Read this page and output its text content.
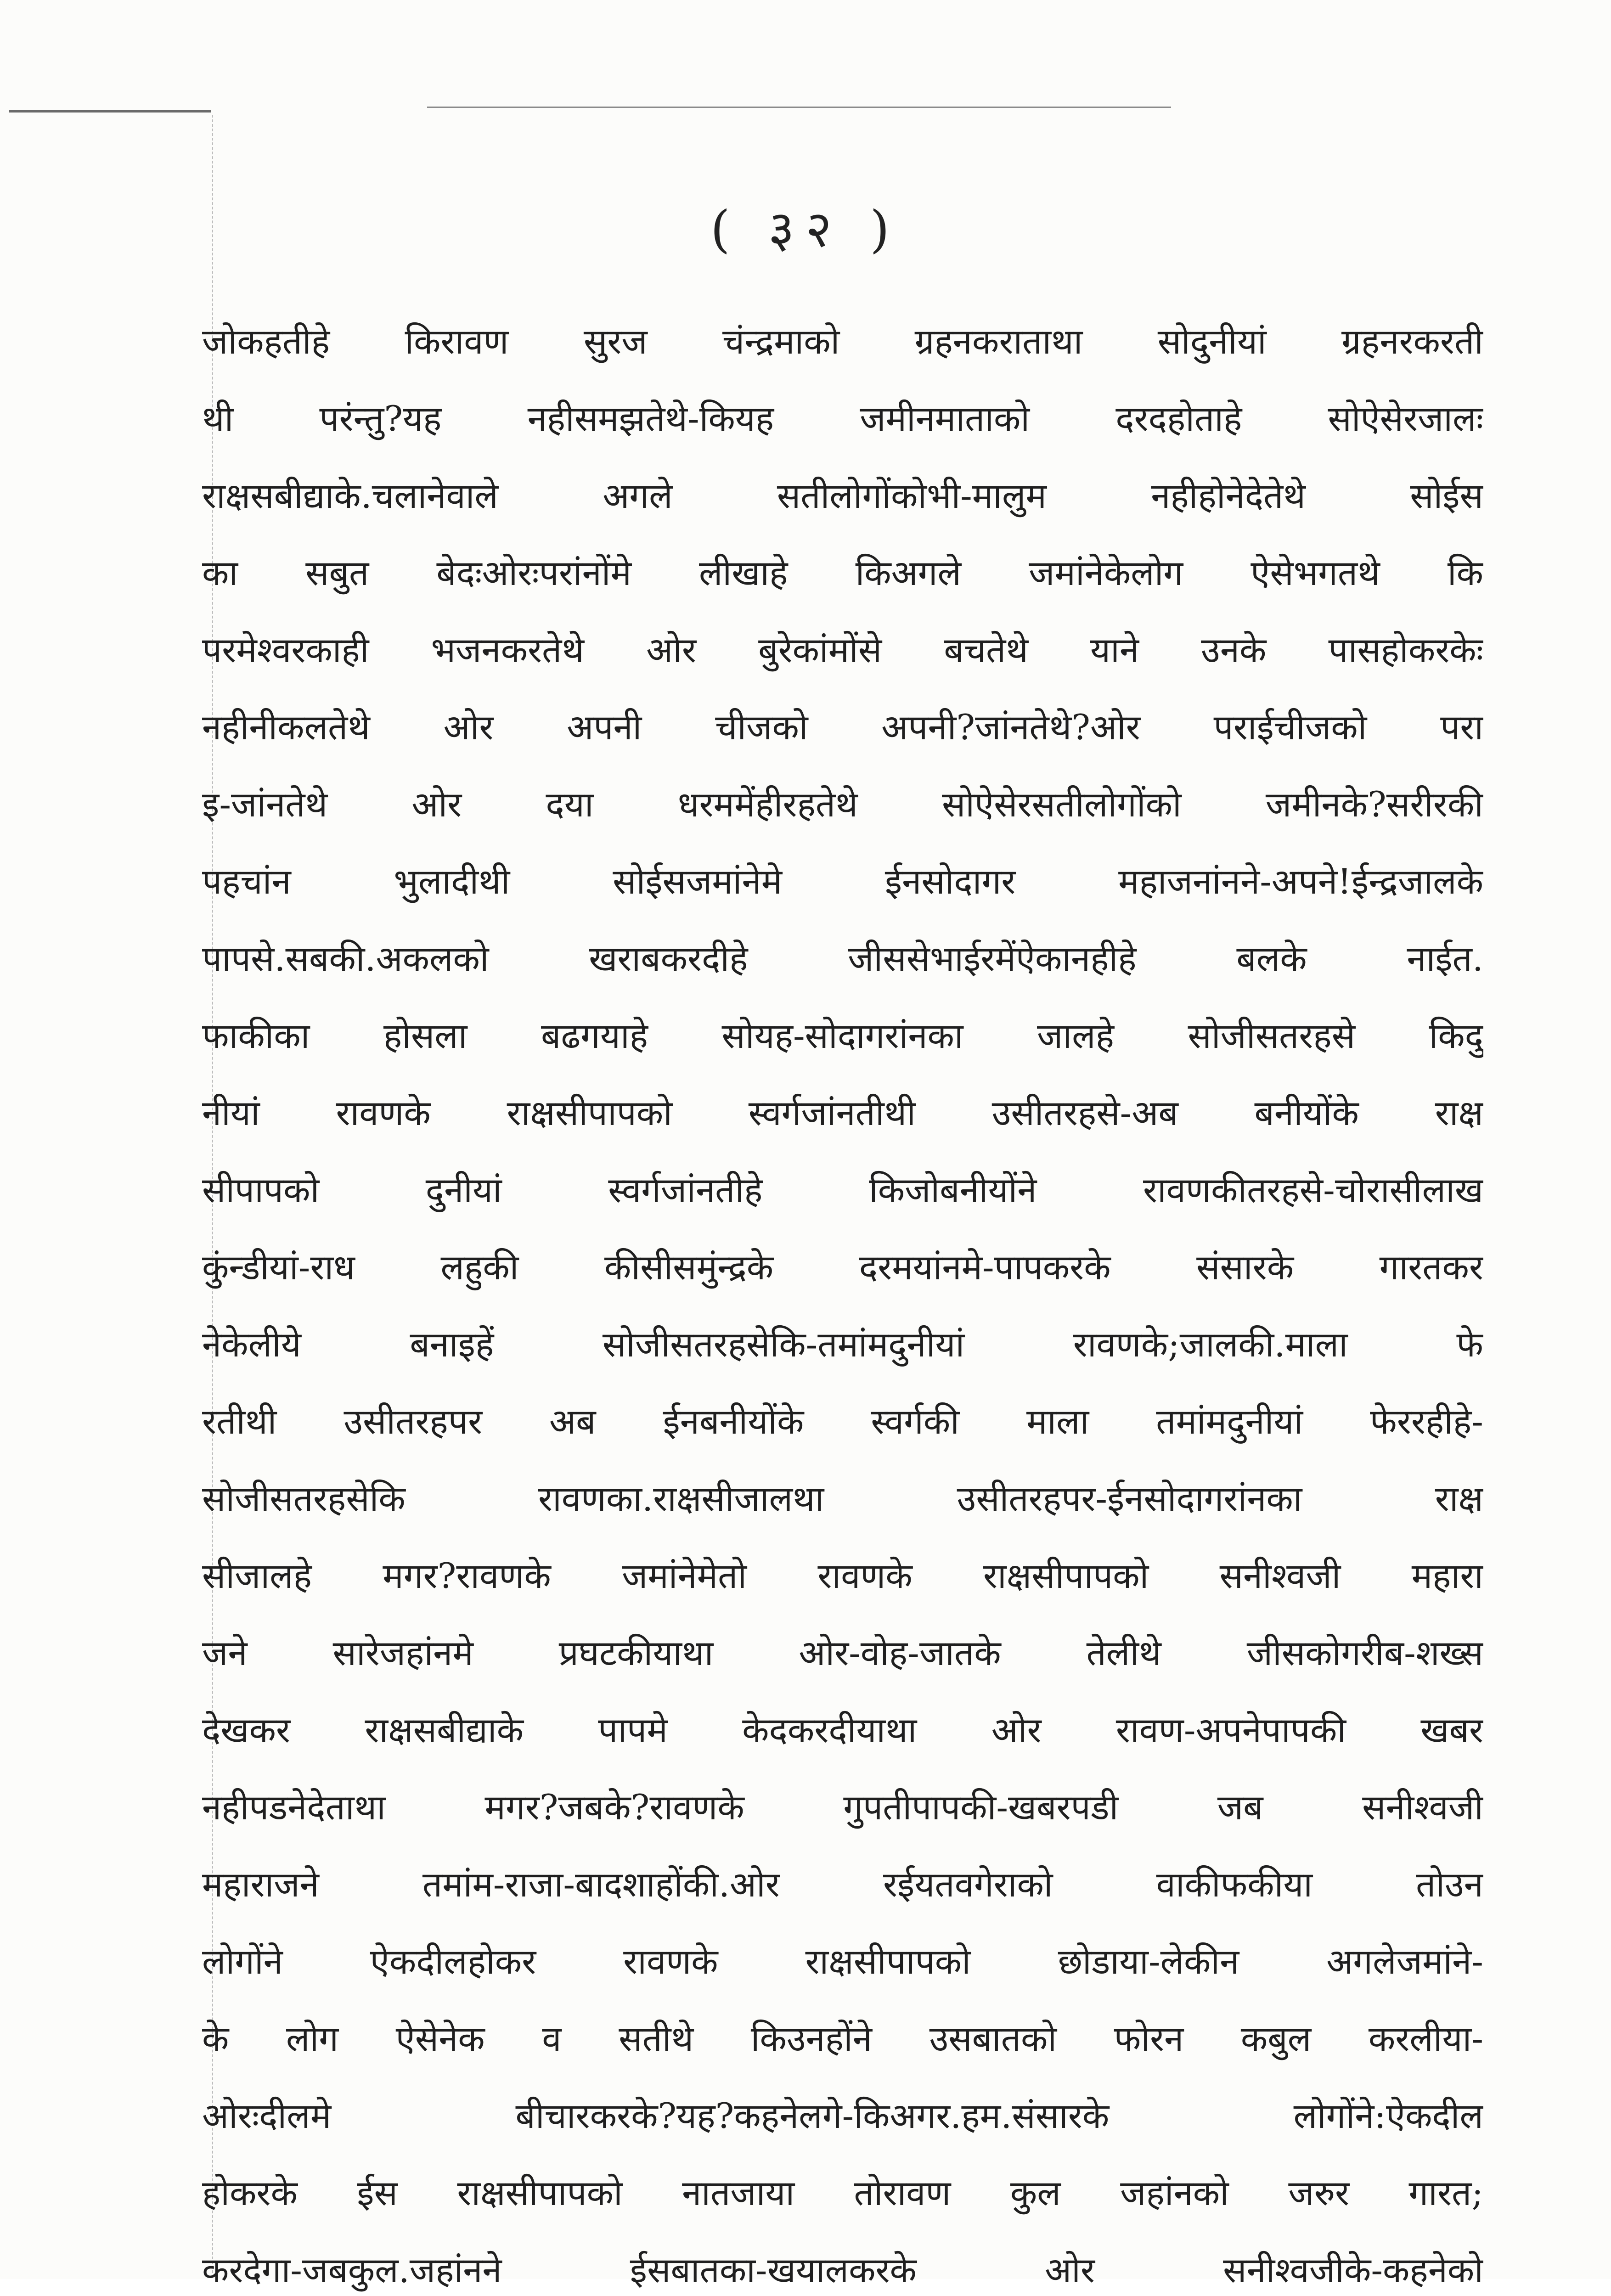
( ३२ )
जोकहतीहे किरावण सुरज चंन्द्रमाको ग्रहनकराताथा सोदुनीयां ग्रहनरकरती
थी परंन्तु?यह नहीसमझतेथे-कियह जमीनमाताको दरदहोताहे सोऐसेरजालः
राक्षसबीद्याके.चलानेवाले अगले सतीलोगोंकोभी-मालुम नहीहोनेदेतेथे सोईस
का सबुत बेदःओरःपरांनोंमे लीखाहे किअगले जमांनेकेलोग ऐसेभगतथे कि
परमेश्वरकाही भजनकरतेथे ओर बुरेकांमोंसे बचतेथे याने उनके पासहोकरकेः
नहीनीकलतेथे ओर अपनी चीजको अपनी?जांनतेथे?ओर पराईचीजको परा
इ-जांनतेथे ओर दया धरममेंहीरहतेथे सोऐसेरसतीलोगोंको जमीनके?सरीरकी
पहचांन भुलादीथी सोईसजमांनेमे ईनसोदागर महाजनांनने-अपने!ईन्द्रजालके
पापसे.सबकी.अकलको खराबकरदीहे जीससेभाईरमेंऐकानहीहे बलके नाईत.
फाकीका होसला बढगयाहे सोयह-सोदागरांनका जालहे सोजीसतरहसे किदु
नीयां रावणके राक्षसीपापको स्वर्गजांनतीथी उसीतरहसे-अब बनीयोंके राक्ष
सीपापको दुनीयां स्वर्गजांनतीहे किजोबनीयोंने रावणकीतरहसे-चोरासीलाख
कुंन्डीयां-राध लहुकी कीसीसमुंन्द्रके दरमयांनमे-पापकरके संसारके गारतकर
नेकेलीये बनाइहें सोजीसतरहसेकि-तमांमदुनीयां रावणके;जालकी.माला फे
रतीथी उसीतरहपर अब ईनबनीयोंके स्वर्गकी माला तमांमदुनीयां फेररहीहे-
सोजीसतरहसेकि रावणका.राक्षसीजालथा उसीतरहपर-ईनसोदागरांनका राक्ष
सीजालहे मगर?रावणके जमांनेमेतो रावणके राक्षसीपापको सनीश्वजी महारा
जने सारेजहांनमे प्रघटकीयाथा ओर-वोह-जातके तेलीथे जीसकोगरीब-शख्स
देखकर राक्षसबीद्याके पापमे केदकरदीयाथा ओर रावण-अपनेपापकी खबर
नहीपडनेदेताथा मगर?जबके?रावणके गुपतीपापकी-खबरपडी जब सनीश्वजी
महाराजने तमांम-राजा-बादशाहोंकी.ओर रईयतवगेराको वाकीफकीया तोउन
लोगोंने ऐकदीलहोकर रावणके राक्षसीपापको छोडाया-लेकीन अगलेजमांने-
के लोग ऐसेनेक व सतीथे किउनहोंने उसबातको फोरन कबुल करलीया-
ओरःदीलमे बीचारकरके?यह?कहनेलगे-किअगर.हम.संसारके लोगोंने:ऐकदील
होकरके ईस राक्षसीपापको नातजाया तोरावण कुल जहांनको जरुर गारत;
करदेगा-जबकुल.जहांनने ईसबातका-खयालकरके ओर सनीश्वजीके-कहनेको
